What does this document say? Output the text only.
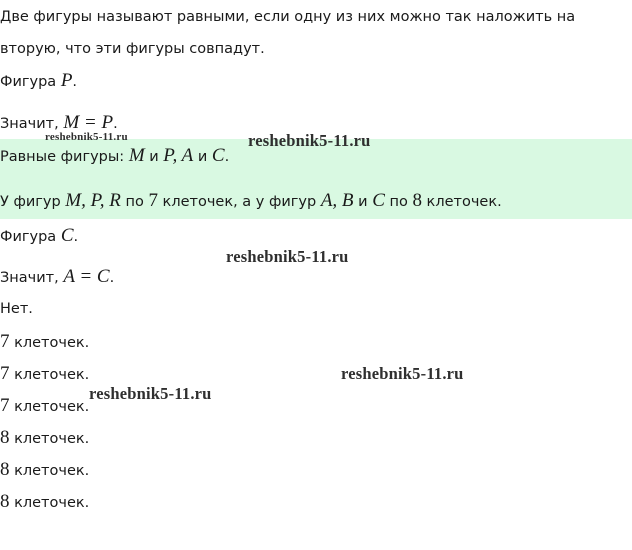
Две фигуры называют равными, если одну из них можно так наложить на
вторую, что эти фигуры совпадут.
Фигура P.
Значит, M = P.
Равные фигуры: M и P, A и C.
У фигур M, P, R по 7 клеточек, а у фигур A, B и C по 8 клеточек.
Фигура C.
Значит, A = C.
Нет.
7 клеточек.
7 клеточек.
7 клеточек.
8 клеточек.
8 клеточек.
8 клеточек.
reshebnik5-11.ru	reshebnik5-11.ru
reshebnik5-11.ru
reshebnik5-11.ru
reshebnik5-11.ru
